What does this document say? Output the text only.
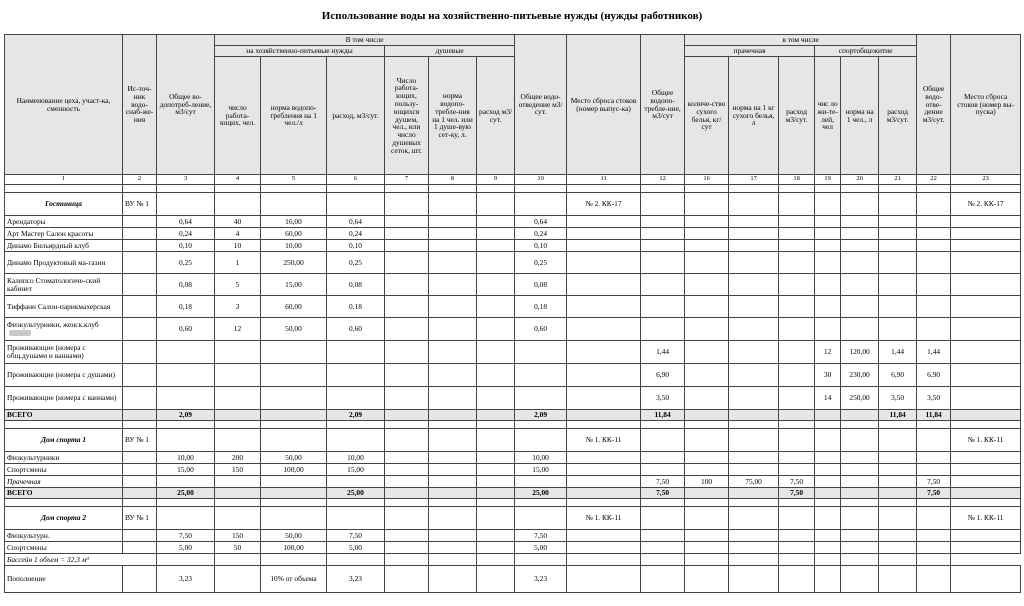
Использование воды на хозяйственно-питьевые нужды (нужды работников)
Наименование цеха, участ-ка, сменность	Ис-точ-ник водо-снаб-же-ния	Общее во-допотреб-ление, м3/сут	В том числе						Общее водо-отведение м3/сут.	Место сброса стоков (номер выпус-ка)	Общее водопо-требле-ние, м3/сут	в том числе						Общее водо-отве-дение м3/сут.	Место сброса стоков (номер вы-пуска)
			на хозяйственно-питьевые нужды			душевые						прачечная			спортобщежитие				
			число работа-ющих, чел.	норма водопо-требления на 1 чел./л	расход, м3/сут.	Число работа-ющих, пользу-ющихся душем, чел., или число душевых сеток, шт.	норма водопо-требле-ния на 1 чел. или 1 душе-вую сет-ку, л.	расход м3/сут.				количе-ство сухого белья, кг/сут	норма на 1 кг сухого белья, л	расход м3/сут.	чис ло жи-те-лей, чел	норма на 1 чел., л	расход м3/сут.		
1	2	3	4	5	6	7	8	9	10	11	12	16	17	18	19	20	21	22	23

Гостиница	ВУ № 1									№ 2. КК-17									№ 2. КК-17
Арендаторы		0,64	40	16,00	0,64				0,64										
Арт Мастер Салон красоты		0,24	4	60,00	0,24				0,24										
Динамо Бильярдный клуб		0,10	10	10,00	0,10				0,10										
Динамо Продуктовый ма-газин		0,25	1	250,00	0,25				0,25										
Калипсо Стоматологиче-ский кабинет		0,08	5	15,00	0,08				0,08										
Тиффани Салон-парикмахерская		0,18	3	60,00	0,18				0,18										
Физкультурники, женск.клуб		0,60	12	50,00	0,60				0,60										
Проживающие (номера с общ.душами и ваннами)											1,44				12	120,00	1,44	1,44	
Проживающие (номера с душами)											6,90				30	230,00	6,90	6,90	
Проживающие (номера с ваннами)											3,50				14	250,00	3,50	3,50	
ВСЕГО		2,09			2,09				2,09		11,84						11,84	11,84	

Дом спорта 1	ВУ № 1									№ 1. КК-11									№ 1. КК-11
Физкультурники		10,00	200	50,00	10,00				10,00										
Спортсмены		15,00	150	100,00	15,00				15,00										
Прачечная											7,50	100	75,00	7,50				7,50	
ВСЕГО		25,00			25,00				25,00		7,50			7,50				7,50	

Дом спорта 2	ВУ № 1									№ 1. КК-11									№ 1. КК-11
Физкультурн.		7,50	150	50,00	7,50				7,50										
Спортсмены		5,00	50	100,00	5,00				5,00										
Бассейн 1 объем = 32,3 м³																			
Пополнение		3,23		10% от объема	3,23				3,23										
